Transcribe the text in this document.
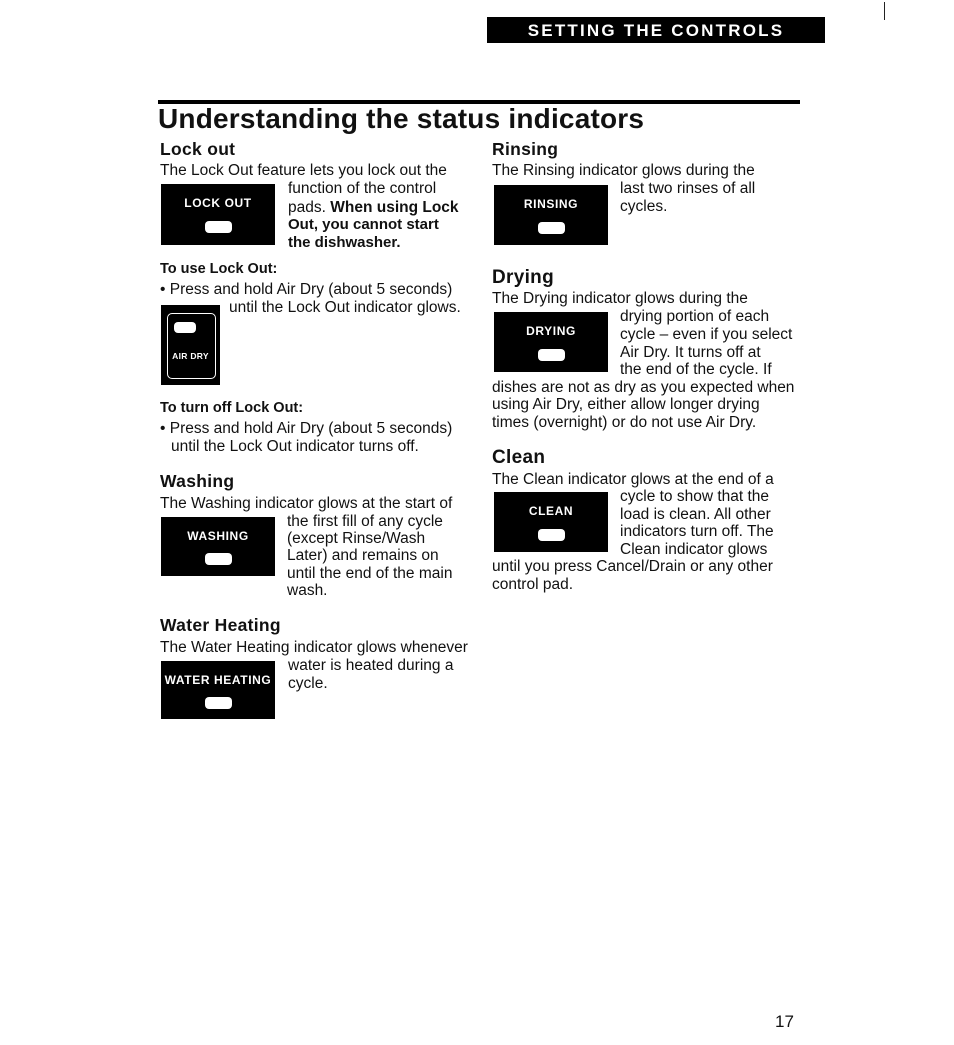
SETTING THE CONTROLS
Understanding the status indicators
Lock out
The Lock Out feature lets you lock out the
LOCK OUT
function of the control
pads. When using Lock
Out, you cannot start
the dishwasher.
To use Lock Out:
• Press and hold Air Dry (about 5 seconds)
until the Lock Out indicator glows.
AIR DRY
To turn off Lock Out:
• Press and hold Air Dry (about 5 seconds)
until the Lock Out indicator turns off.
Washing
The Washing indicator glows at the start of
WASHING
the first fill of any cycle
(except Rinse/Wash
Later) and remains on
until the end of the main
wash.
Water Heating
The Water Heating indicator glows whenever
WATER HEATING
water is heated during a
cycle.
Rinsing
The Rinsing indicator glows during the
RINSING
last two rinses of all
cycles.
Drying
The Drying indicator glows during the
DRYING
drying portion of each
cycle – even if you select
Air Dry. It turns off at
the end of the cycle. If
dishes are not as dry as you expected when
using Air Dry, either allow longer drying
times (overnight) or do not use Air Dry.
Clean
The Clean indicator glows at the end of a
CLEAN
cycle to show that the
load is clean. All other
indicators turn off. The
Clean indicator glows
until you press Cancel/Drain or any other
control pad.
17
